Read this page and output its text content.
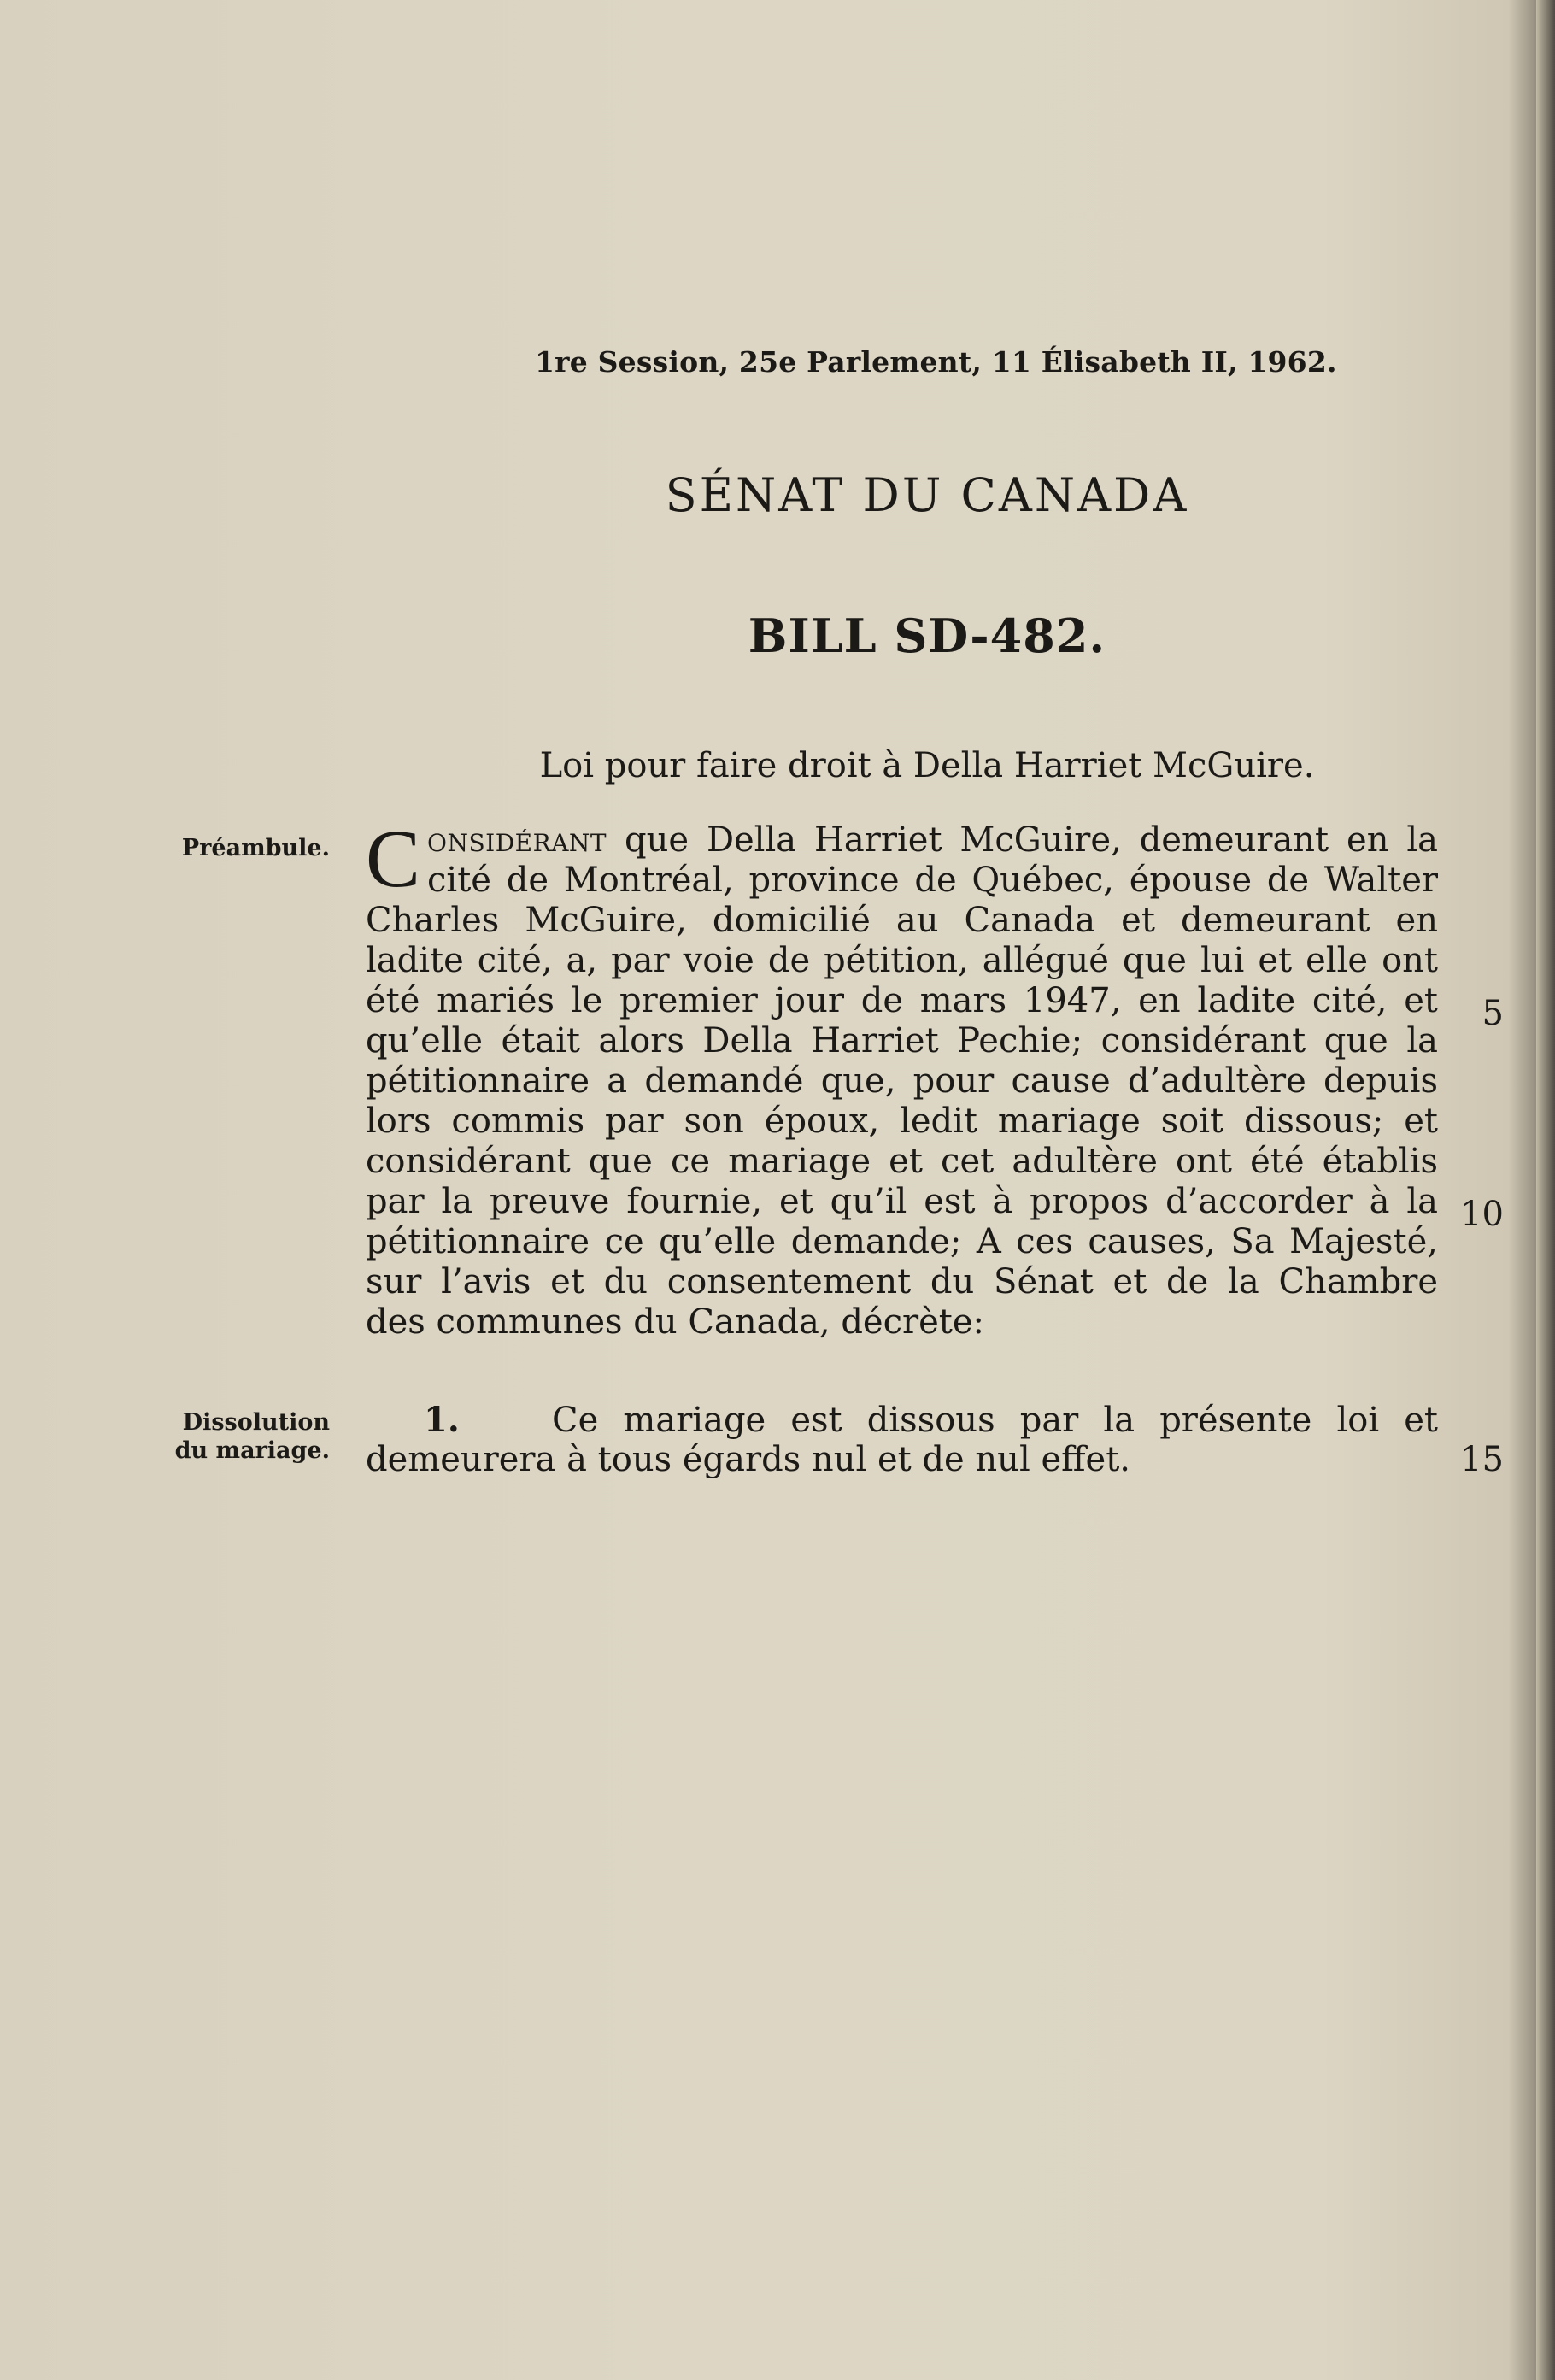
1re Session, 25e Parlement, 11 Élisabeth II, 1962.
SÉNAT DU CANADA
BILL SD-482.
Loi pour faire droit à Della Harriet McGuire.
Préambule.
Dissolution
du mariage.
C onsidérant que Della Harriet McGuire, demeurant en la
cité de Montréal, province de Québec, épouse de Walter
Charles McGuire, domicilié au Canada et demeurant en
ladite cité, a, par voie de pétition, allégué que lui et elle ont
été mariés le premier jour de mars 1947, en ladite cité, et
qu’elle était alors Della Harriet Pechie; considérant que la
pétitionnaire a demandé que, pour cause d’adultère depuis
lors commis par son époux, ledit mariage soit dissous; et
considérant que ce mariage et cet adultère ont été établis
par la preuve fournie, et qu’il est à propos d’accorder à la
pétitionnaire ce qu’elle demande; A ces causes, Sa Majesté,
sur l’avis et du consentement du Sénat et de la Chambre
des communes du Canada, décrète:
1.	Ce mariage est dissous par la présente loi et
demeurera à tous égards nul et de nul effet.
5
10
15
